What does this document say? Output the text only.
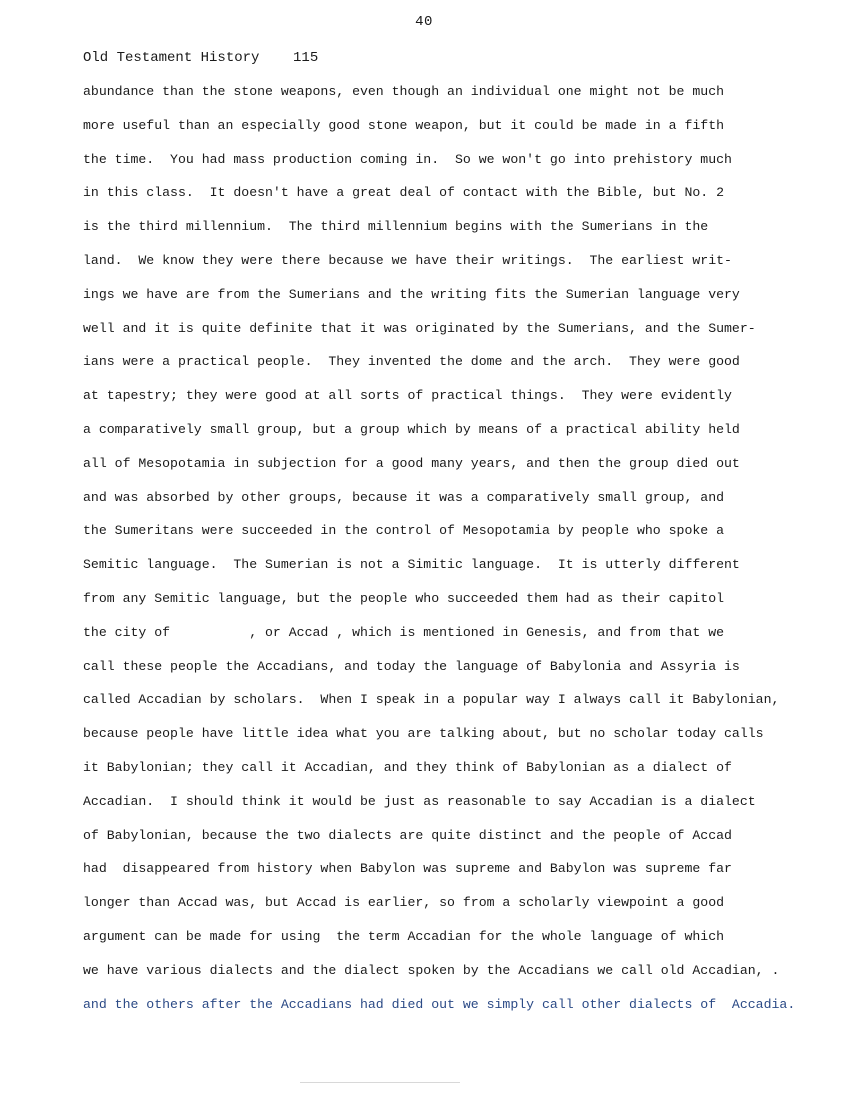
40
Old Testament History    115
abundance than the stone weapons, even though an individual one might not be much
more useful than an especially good stone weapon, but it could be made in a fifth
the time.  You had mass production coming in.  So we won't go into prehistory much
in this class.  It doesn't have a great deal of contact with the Bible, but No. 2
is the third millennium.  The third millennium begins with the Sumerians in the
land.  We know they were there because we have their writings.  The earliest writ-
ings we have are from the Sumerians and the writing fits the Sumerian language very
well and it is quite definite that it was originated by the Sumerians, and the Sumer-
ians were a practical people.  They invented the dome and the arch.  They were good
at tapestry; they were good at all sorts of practical things.  They were evidently
a comparatively small group, but a group which by means of a practical ability held
all of Mesopotamia in subjection for a good many years, and then the group died out
and was absorbed by other groups, because it was a comparatively small group, and
the Sumeritans were succeeded in the control of Mesopotamia by people who spoke a
Semitic language.  The Sumerian is not a Simitic language.  It is utterly different
from any Semitic language, but the people who succeeded them had as their capitol
the city of          , or Accad , which is mentioned in Genesis, and from that we
call these people the Accadians, and today the language of Babylonia and Assyria is
called Accadian by scholars.  When I speak in a popular way I always call it Babylonian,
because people have little idea what you are talking about, but no scholar today calls
it Babylonian; they call it Accadian, and they think of Babylonian as a dialect of
Accadian.  I should think it would be just as reasonable to say Accadian is a dialect
of Babylonian, because the two dialects are quite distinct and the people of Accad
had  disappeared from history when Babylon was supreme and Babylon was supreme far
longer than Accad was, but Accad is earlier, so from a scholarly viewpoint a good
argument can be made for using  the term Accadian for the whole language of which
we have various dialects and the dialect spoken by the Accadians we call old Accadian, .
and the others after the Accadians had died out we simply call other dialects of  Accadia.
